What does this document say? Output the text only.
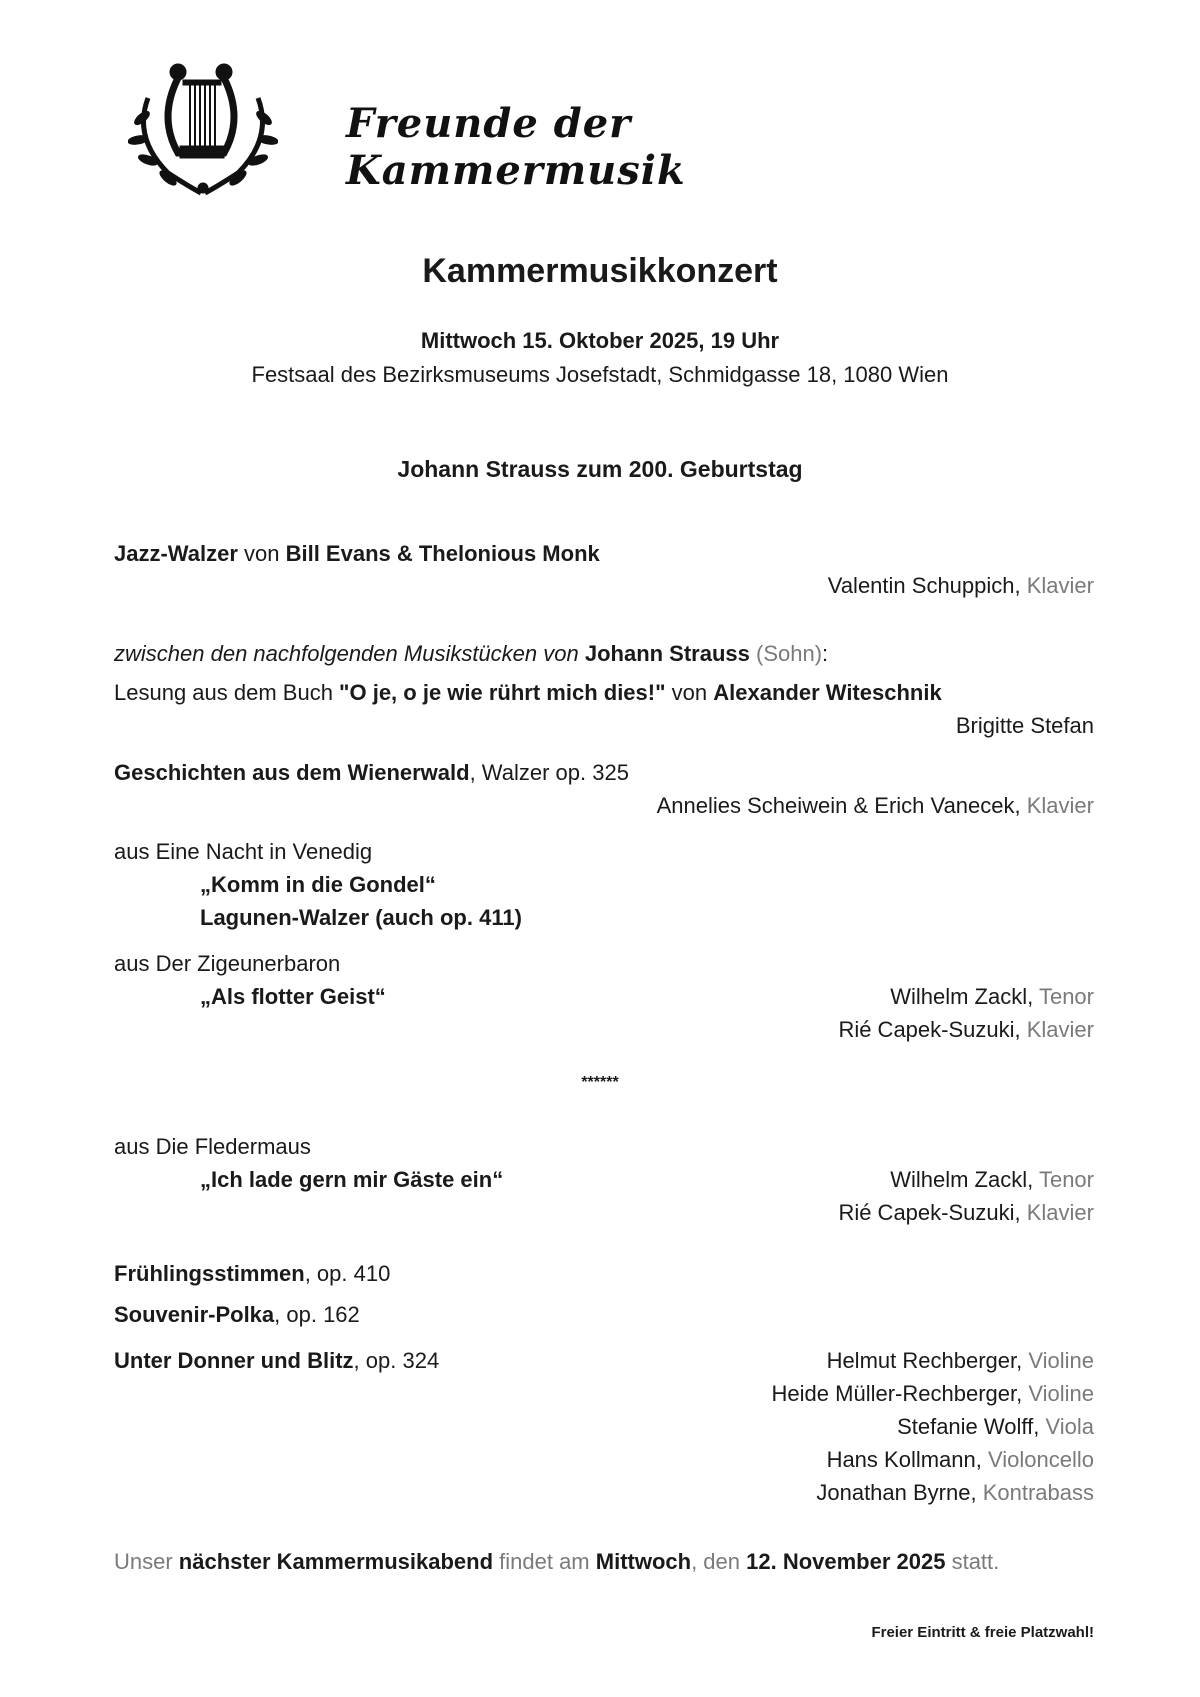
Freunde der Kammermusik
Kammermusikkonzert
Mittwoch 15. Oktober 2025, 19 Uhr
Festsaal des Bezirksmuseums Josefstadt, Schmidgasse 18, 1080 Wien
Johann Strauss zum 200. Geburtstag
Jazz-Walzer von Bill Evans & Thelonious Monk
Valentin Schuppich, Klavier
zwischen den nachfolgenden Musikstücken von Johann Strauss (Sohn):
Lesung aus dem Buch "O je, o je wie rührt mich dies!" von Alexander Witeschnik
Brigitte Stefan
Geschichten aus dem Wienerwald, Walzer op. 325
Annelies Scheiwein & Erich Vanecek, Klavier
aus Eine Nacht in Venedig
„Komm in die Gondel“
Lagunen-Walzer (auch op. 411)
aus Der Zigeunerbaron
„Als flotter Geist“	Wilhelm Zackl, Tenor
Rié Capek-Suzuki, Klavier
******
aus Die Fledermaus
„Ich lade gern mir Gäste ein“	Wilhelm Zackl, Tenor
Rié Capek-Suzuki, Klavier
Frühlingsstimmen, op. 410
Souvenir-Polka, op. 162
Unter Donner und Blitz, op. 324	Helmut Rechberger, Violine
Heide Müller-Rechberger, Violine
Stefanie Wolff, Viola
Hans Kollmann, Violoncello
Jonathan Byrne, Kontrabass
Unser nächster Kammermusikabend findet am Mittwoch, den 12. November 2025 statt.
Freier Eintritt & freie Platzwahl!
